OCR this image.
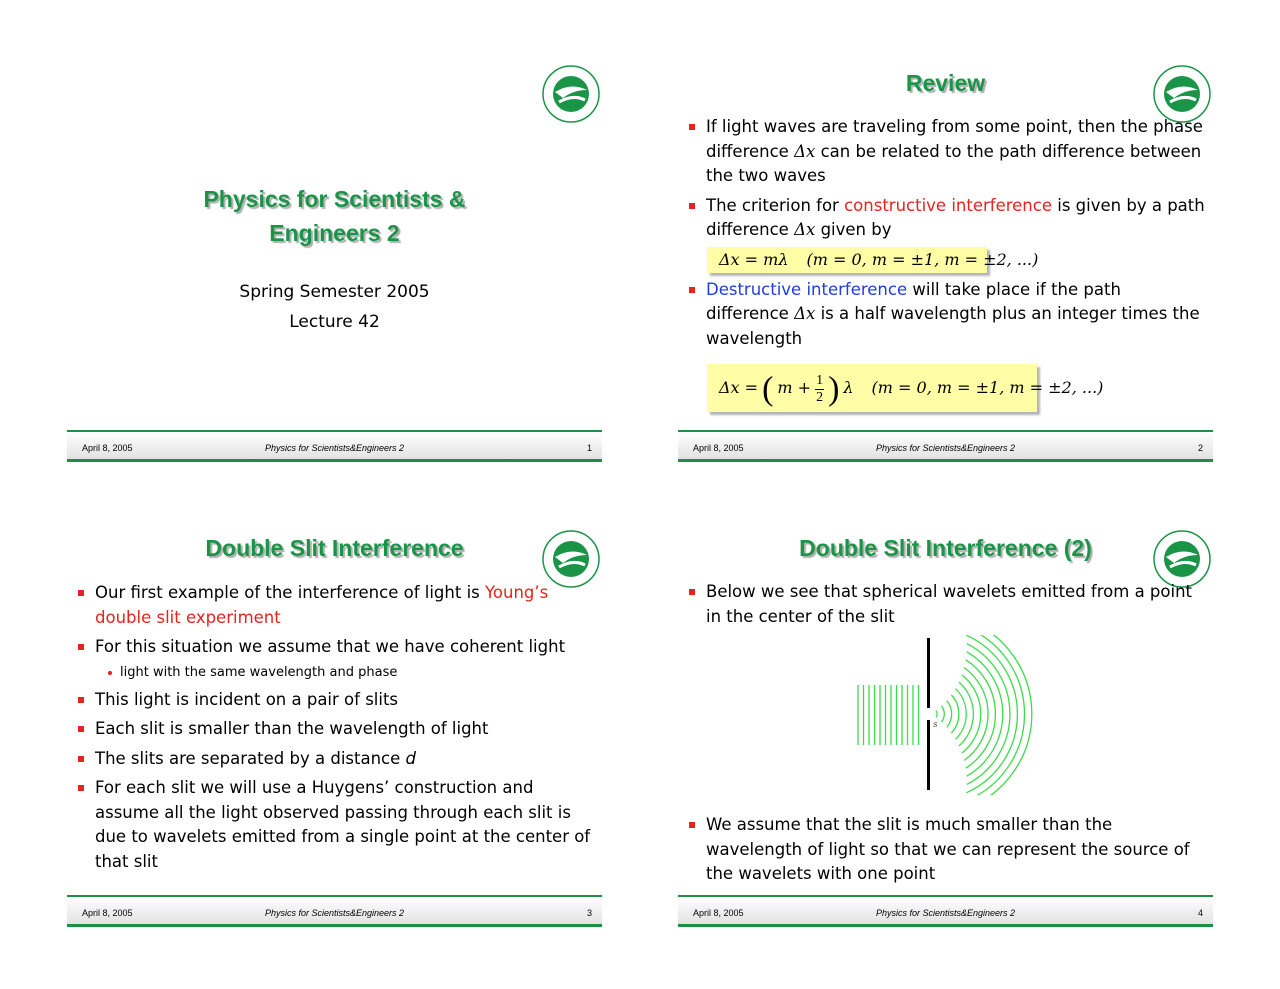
Physics for Scientists &
Engineers 2
Spring Semester 2005
Lecture 42
April 8, 2005	Physics for Scientists&Engineers 2	1
Review
If light waves are traveling from some point, then the phase difference Δx can be related to the path difference between the two waves
The criterion for constructive interference is given by a path difference Δx given by
Destructive interference will take place if the path difference Δx is a half wavelength plus an integer times the wavelength
Δx = mλ (m = 0, m = ±1, m = ±2, ...)
Δx = ( $m + \frac{1}{2}$ ) λ (m = 0, m = ±1, m = ±2, ...)
April 8, 2005	Physics for Scientists&Engineers 2	2
Double Slit Interference
Our first example of the interference of light is Young’s double slit experiment
For this situation we assume that we have coherent light
light with the same wavelength and phase
This light is incident on a pair of slits
Each slit is smaller than the wavelength of light
The slits are separated by a distance d
For each slit we will use a Huygens’ construction and assume all the light observed passing through each slit is due to wavelets emitted from a single point at the center of that slit
April 8, 2005	Physics for Scientists&Engineers 2	3
Double Slit Interference (2)
Below we see that spherical wavelets emitted from a point in the center of the slit
s
We assume that the slit is much smaller than the wavelength of light so that we can represent the source of the wavelets with one point
April 8, 2005	Physics for Scientists&Engineers 2	4
